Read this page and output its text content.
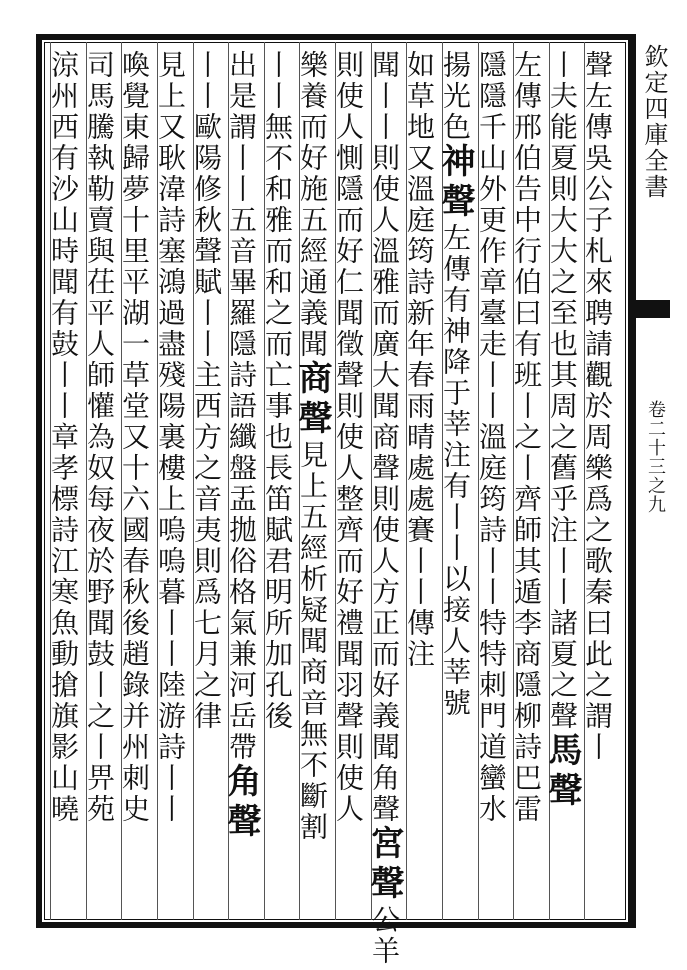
欽定四庫全書
卷二十三之九
聲左傳吳公子札來聘請觀於周樂爲之歌秦曰此之謂丨
丨夫能夏則大大之至也其周之舊乎注丨丨諸夏之聲馬聲
左傳邢伯告中行伯曰有班丨之丨齊師其遁李商隱柳詩巴雷
隱隱千山外更作章臺走丨丨溫庭筠詩丨丨特特刺門道蠻水
揚光色神聲左傳有神降于莘注有丨丨以接人莘號
如草地又溫庭筠詩新年春雨晴處處賽丨丨傳注
聞丨丨則使人溫雅而廣大聞商聲則使人方正而好義聞角聲宮聲公羊
則使人惻隱而好仁聞徵聲則使人整齊而好禮聞羽聲則使人
樂養而好施五經通義聞商聲見上五經析疑聞商音無不斷割
丨丨無不和雅而和之而亡事也長笛賦君明所加孔後
出是謂丨丨五音畢羅隱詩語纖盤盂拋俗格氣兼河岳帶角聲
丨丨歐陽修秋聲賦丨丨主西方之音夷則爲七月之律
見上又耿湋詩塞鴻過盡殘陽裏樓上嗚嗚暮丨丨陸游詩丨丨
喚覺東歸夢十里平湖一草堂又十六國春秋後趙錄并州刺史
司馬騰執勒賣與茌平人師懽為奴每夜於野聞鼓丨之丨畀苑
涼州西有沙山時聞有鼓丨丨章孝標詩江寒魚動搶旗影山曉
